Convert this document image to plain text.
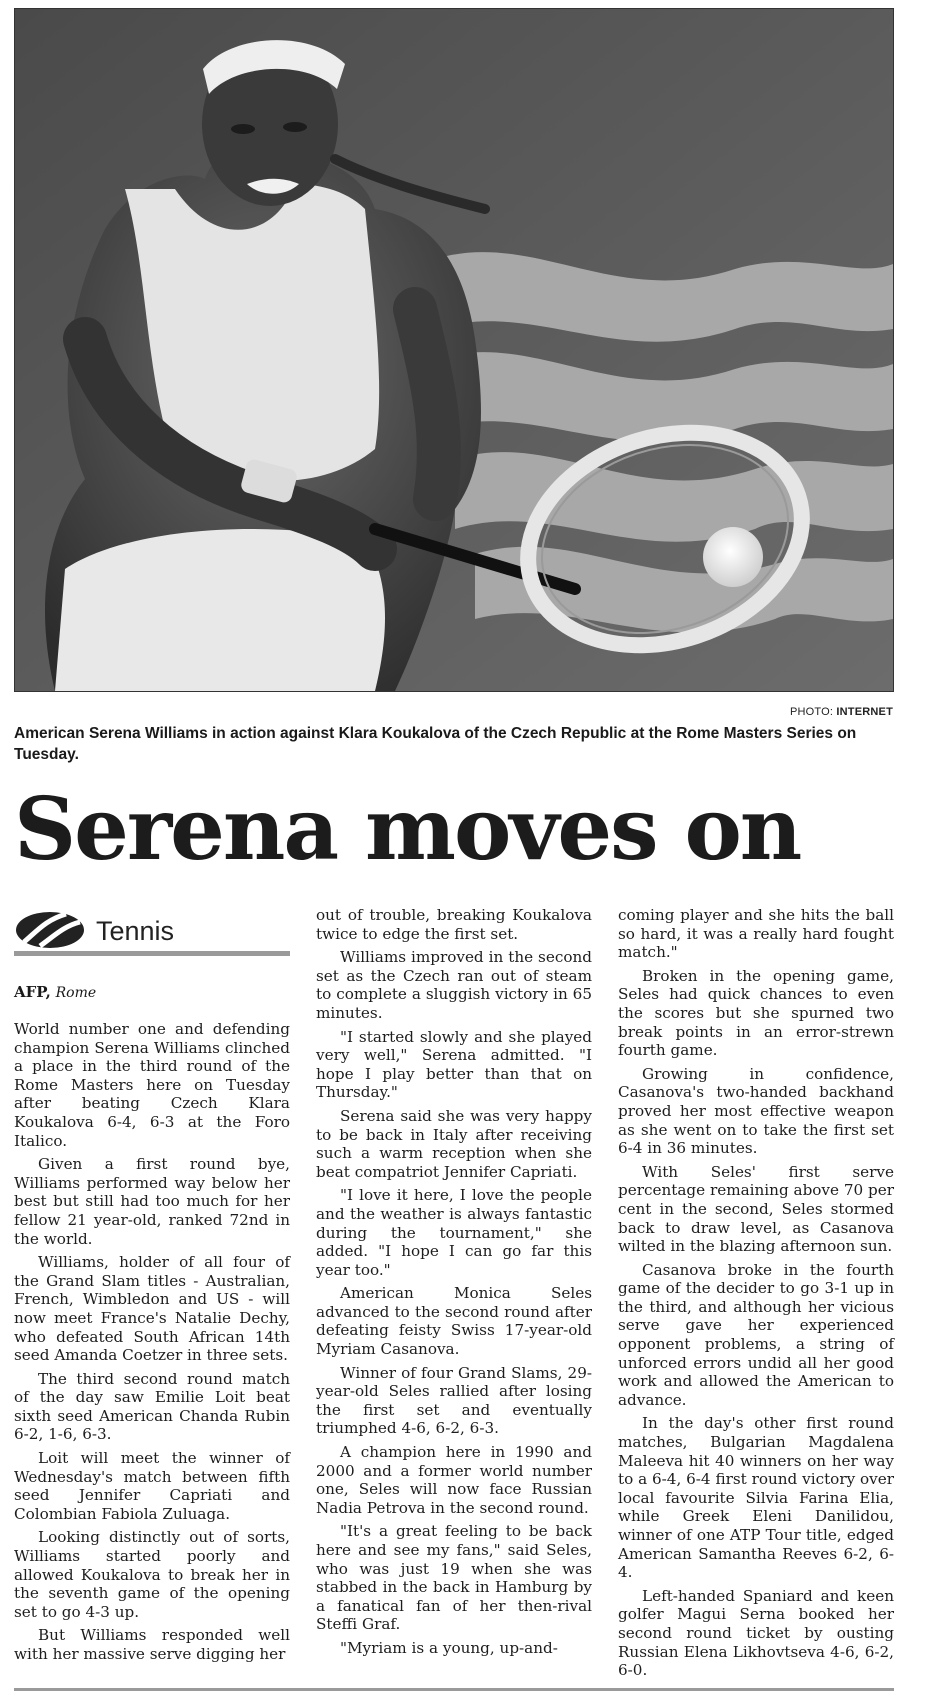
PHOTO: INTERNET
American Serena Williams in action against Klara Koukalova of the Czech Republic at the Rome Masters Series on Tuesday.
Serena moves on
Tennis
AFP, Rome

World number one and defending champion Serena Williams clinched a place in the third round of the Rome Masters here on Tuesday after beating Czech Klara Koukalova 6-4, 6-3 at the Foro Italico.

Given a first round bye, Williams performed way below her best but still had too much for her fellow 21 year-old, ranked 72nd in the world.

Williams, holder of all four of the Grand Slam titles - Australian, French, Wimbledon and US - will now meet France's Natalie Dechy, who defeated South African 14th seed Amanda Coetzer in three sets.

The third second round match of the day saw Emilie Loit beat sixth seed American Chanda Rubin 6-2, 1-6, 6-3.

Loit will meet the winner of Wednesday's match between fifth seed Jennifer Capriati and Colombian Fabiola Zuluaga.

Looking distinctly out of sorts, Williams started poorly and allowed Koukalova to break her in the seventh game of the opening set to go 4-3 up.

But Williams responded well with her massive serve digging her

out of trouble, breaking Koukalova twice to edge the first set.

Williams improved in the second set as the Czech ran out of steam to complete a sluggish victory in 65 minutes.

"I started slowly and she played very well," Serena admitted. "I hope I play better than that on Thursday."

Serena said she was very happy to be back in Italy after receiving such a warm reception when she beat compatriot Jennifer Capriati.

"I love it here, I love the people and the weather is always fantastic during the tournament," she added. "I hope I can go far this year too."

American Monica Seles advanced to the second round after defeating feisty Swiss 17-year-old Myriam Casanova.

Winner of four Grand Slams, 29-year-old Seles rallied after losing the first set and eventually triumphed 4-6, 6-2, 6-3.

A champion here in 1990 and 2000 and a former world number one, Seles will now face Russian Nadia Petrova in the second round.

"It's a great feeling to be back here and see my fans," said Seles, who was just 19 when she was stabbed in the back in Hamburg by a fanatical fan of her then-rival Steffi Graf.

"Myriam is a young, up-and-

coming player and she hits the ball so hard, it was a really hard fought match."

Broken in the opening game, Seles had quick chances to even the scores but she spurned two break points in an error-strewn fourth game.

Growing in confidence, Casanova's two-handed backhand proved her most effective weapon as she went on to take the first set 6-4 in 36 minutes.

With Seles' first serve percentage remaining above 70 per cent in the second, Seles stormed back to draw level, as Casanova wilted in the blazing afternoon sun.

Casanova broke in the fourth game of the decider to go 3-1 up in the third, and although her vicious serve gave her experienced opponent problems, a string of unforced errors undid all her good work and allowed the American to advance.

In the day's other first round matches, Bulgarian Magdalena Maleeva hit 40 winners on her way to a 6-4, 6-4 first round victory over local favourite Silvia Farina Elia, while Greek Eleni Danilidou, winner of one ATP Tour title, edged American Samantha Reeves 6-2, 6-4.

Left-handed Spaniard and keen golfer Magui Serna booked her second round ticket by ousting Russian Elena Likhovtseva 4-6, 6-2, 6-0.
